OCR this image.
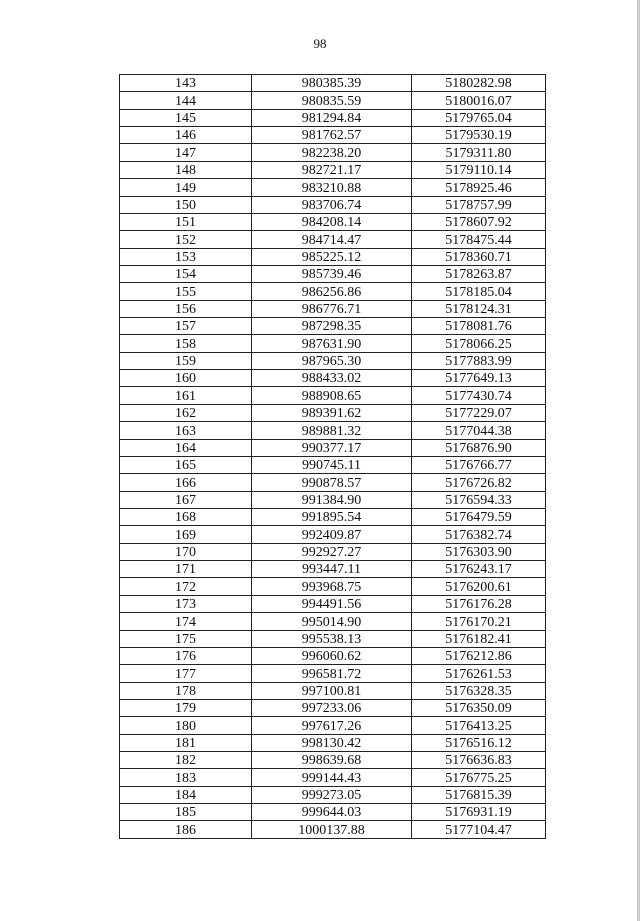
98
143	980385.39	5180282.98
144	980835.59	5180016.07
145	981294.84	5179765.04
146	981762.57	5179530.19
147	982238.20	5179311.80
148	982721.17	5179110.14
149	983210.88	5178925.46
150	983706.74	5178757.99
151	984208.14	5178607.92
152	984714.47	5178475.44
153	985225.12	5178360.71
154	985739.46	5178263.87
155	986256.86	5178185.04
156	986776.71	5178124.31
157	987298.35	5178081.76
158	987631.90	5178066.25
159	987965.30	5177883.99
160	988433.02	5177649.13
161	988908.65	5177430.74
162	989391.62	5177229.07
163	989881.32	5177044.38
164	990377.17	5176876.90
165	990745.11	5176766.77
166	990878.57	5176726.82
167	991384.90	5176594.33
168	991895.54	5176479.59
169	992409.87	5176382.74
170	992927.27	5176303.90
171	993447.11	5176243.17
172	993968.75	5176200.61
173	994491.56	5176176.28
174	995014.90	5176170.21
175	995538.13	5176182.41
176	996060.62	5176212.86
177	996581.72	5176261.53
178	997100.81	5176328.35
179	997233.06	5176350.09
180	997617.26	5176413.25
181	998130.42	5176516.12
182	998639.68	5176636.83
183	999144.43	5176775.25
184	999273.05	5176815.39
185	999644.03	5176931.19
186	1000137.88	5177104.47
